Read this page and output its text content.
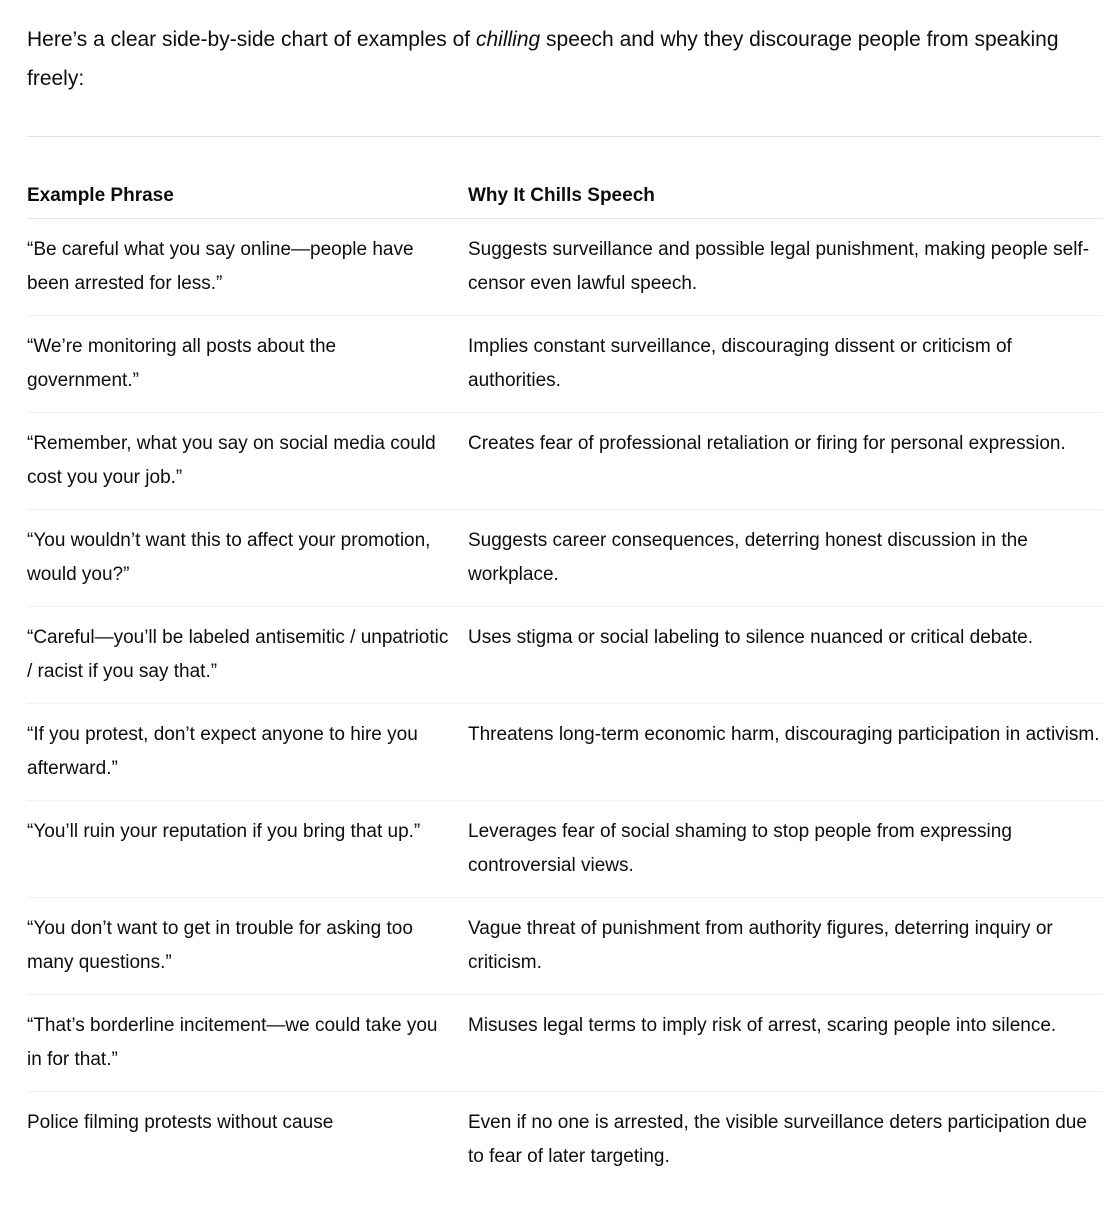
Here’s a clear side-by-side chart of examples of chilling speech and why they discourage people from speaking freely:

Example Phrase	Why It Chills Speech
“Be careful what you say online—people have been arrested for less.”	Suggests surveillance and possible legal punishment, making people self-censor even lawful speech.
“We’re monitoring all posts about the government.”	Implies constant surveillance, discouraging dissent or criticism of authorities.
“Remember, what you say on social media could cost you your job.”	Creates fear of professional retaliation or firing for personal expression.
“You wouldn’t want this to affect your promotion, would you?”	Suggests career consequences, deterring honest discussion in the workplace.
“Careful—you’ll be labeled antisemitic / unpatriotic / racist if you say that.”	Uses stigma or social labeling to silence nuanced or critical debate.
“If you protest, don’t expect anyone to hire you afterward.”	Threatens long-term economic harm, discouraging participation in activism.
“You’ll ruin your reputation if you bring that up.”	Leverages fear of social shaming to stop people from expressing controversial views.
“You don’t want to get in trouble for asking too many questions.”	Vague threat of punishment from authority figures, deterring inquiry or criticism.
“That’s borderline incitement—we could take you in for that.”	Misuses legal terms to imply risk of arrest, scaring people into silence.
Police filming protests without cause	Even if no one is arrested, the visible surveillance deters participation due to fear of later targeting.
